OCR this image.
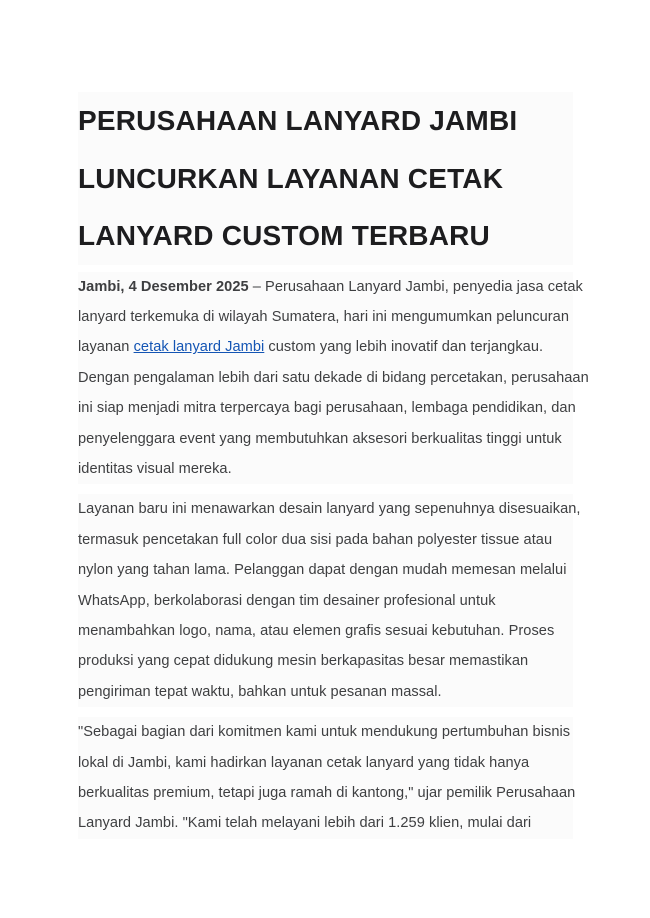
PERUSAHAAN LANYARD JAMBI
LUNCURKAN LAYANAN CETAK
LANYARD CUSTOM TERBARU
Jambi, 4 Desember 2025 – Perusahaan Lanyard Jambi, penyedia jasa cetak
lanyard terkemuka di wilayah Sumatera, hari ini mengumumkan peluncuran
layanan cetak lanyard Jambi custom yang lebih inovatif dan terjangkau.
Dengan pengalaman lebih dari satu dekade di bidang percetakan, perusahaan
ini siap menjadi mitra terpercaya bagi perusahaan, lembaga pendidikan, dan
penyelenggara event yang membutuhkan aksesori berkualitas tinggi untuk
identitas visual mereka.
Layanan baru ini menawarkan desain lanyard yang sepenuhnya disesuaikan,
termasuk pencetakan full color dua sisi pada bahan polyester tissue atau
nylon yang tahan lama. Pelanggan dapat dengan mudah memesan melalui
WhatsApp, berkolaborasi dengan tim desainer profesional untuk
menambahkan logo, nama, atau elemen grafis sesuai kebutuhan. Proses
produksi yang cepat didukung mesin berkapasitas besar memastikan
pengiriman tepat waktu, bahkan untuk pesanan massal.
"Sebagai bagian dari komitmen kami untuk mendukung pertumbuhan bisnis
lokal di Jambi, kami hadirkan layanan cetak lanyard yang tidak hanya
berkualitas premium, tetapi juga ramah di kantong," ujar pemilik Perusahaan
Lanyard Jambi. "Kami telah melayani lebih dari 1.259 klien, mulai dari
